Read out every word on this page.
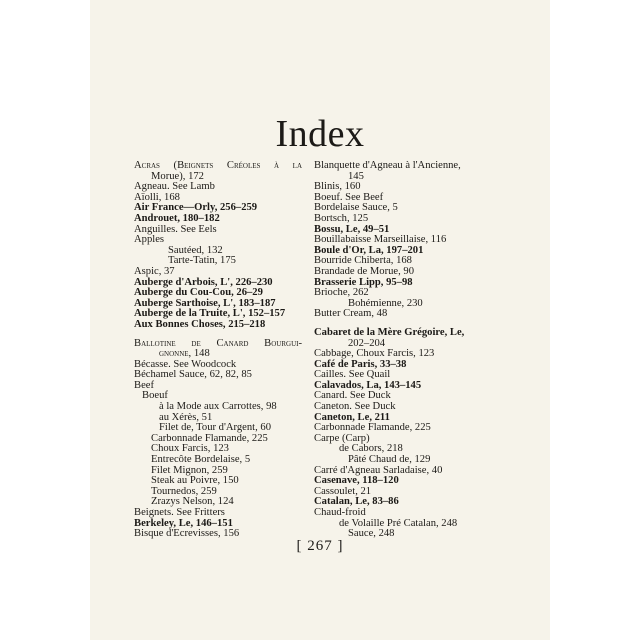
Index
Acras (Beignets Créoles à la
Morue), 172
Agneau. See Lamb
Aïolli, 168
Air France—Orly, 256–259
Androuet, 180–182
Anguilles. See Eels
Apples
Sautéed, 132
Tarte-Tatin, 175
Aspic, 37
Auberge d'Arbois, L', 226–230
Auberge du Cou-Cou, 26–29
Auberge Sarthoise, L', 183–187
Auberge de la Truite, L', 152–157
Aux Bonnes Choses, 215–218
Ballotine de Canard Bourgui-
gnonne, 148
Bécasse. See Woodcock
Béchamel Sauce, 62, 82, 85
Beef
Boeuf
à la Mode aux Carrottes, 98
au Xérès, 51
Filet de, Tour d'Argent, 60
Carbonnade Flamande, 225
Choux Farcis, 123
Entrecôte Bordelaise, 5
Filet Mignon, 259
Steak au Poivre, 150
Tournedos, 259
Zrazys Nelson, 124
Beignets. See Fritters
Berkeley, Le, 146–151
Bisque d'Ecrevisses, 156
Blanquette d'Agneau à l'Ancienne,
145
Blinis, 160
Boeuf. See Beef
Bordelaise Sauce, 5
Bortsch, 125
Bossu, Le, 49–51
Bouillabaisse Marseillaise, 116
Boule d'Or, La, 197–201
Bourride Chiberta, 168
Brandade de Morue, 90
Brasserie Lipp, 95–98
Brioche, 262
Bohémienne, 230
Butter Cream, 48
Cabaret de la Mère Grégoire, Le,
202–204
Cabbage, Choux Farcis, 123
Café de Paris, 33–38
Cailles. See Quail
Calavados, La, 143–145
Canard. See Duck
Caneton. See Duck
Caneton, Le, 211
Carbonnade Flamande, 225
Carpe (Carp)
de Cabors, 218
Pâté Chaud de, 129
Carré d'Agneau Sarladaise, 40
Casenave, 118–120
Cassoulet, 21
Catalan, Le, 83–86
Chaud-froid
de Volaille Pré Catalan, 248
Sauce, 248
[ 267 ]
